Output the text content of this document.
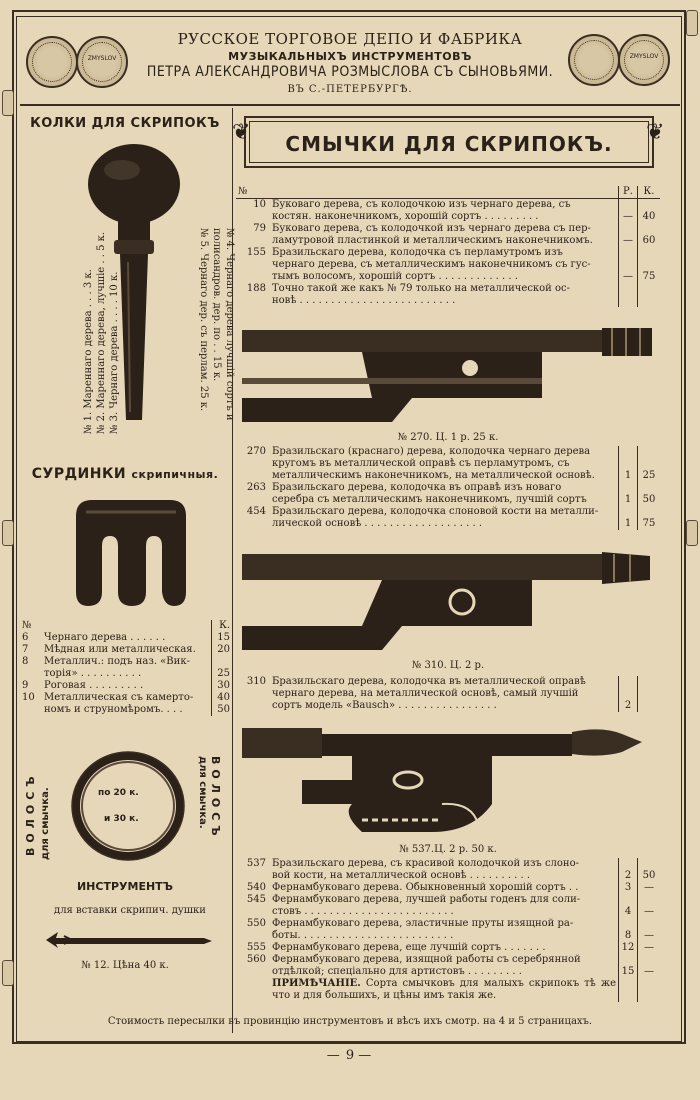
ZMYSLOV	ZMYSLOV
РУССКОЕ ТОРГОВОЕ ДЕПО И ФАБРИКА
МУЗЫКАЛЬНЫХЪ ИНСТРУМЕНТОВЪ
ПЕТРА АЛЕКСАНДРОВИЧА РОЗМЫСЛОВА СЪ СЫНОВЬЯМИ.
ВЪ С.-ПЕТЕРБУРГѢ.
КОЛКИ ДЛЯ СКРИПОКЪ
№ 1. Мареннаго дерева . . . 3 к. № 2. Мареннаго дерева, лучшіе . . 5 к. № 3. Чернаго дерева . . . . 10 к.	№ 4. Чернаго дерева лучшій сортъ и
полисандров. дер. по . . 15 к.
№ 5. Чернаго дер. съ перлам. 25 к.
СУРДИНКИ скрипичныя.
№		К.
6	Чернаго дерева . . . . . .	15
7	Мѣдная или металлическая.	20
8	Металлич.: подъ наз. «Вик-	
	торія» . . . . . . . . . .	25
9	Роговая . . . . . . . . .	30
10	Металлическая съ камерто-	40
	номъ и струномѣромъ. . . .	50
ВОЛОСЪ для смычка.	ВОЛОСЪ
для смычка.
по 20 к.
и 30 к.
ИНСТРУМЕНТЪ
для вставки скрипич. душки
№ 12. Цѣна 40 к.
СМЫЧКИ ДЛЯ СКРИПОКЪ.
❦	❦
№		Р.	К.
10	Буковаго дерева, съ колодочкою изъ чернаго дерева, съ
костян. наконечникомъ, хорошій сортъ . . . . . . . . .	—	40
79	Буковаго дерева, съ колодочкой изъ чернаго дерева съ пер-
ламутровой пластинкой и металлическимъ наконечникомъ.	—	60
155	Бразильскаго дерева, колодочка съ перламутромъ изъ
чернаго дерева, съ металлическимъ наконечникомъ съ гус-
тымъ волосомъ, хорошій сортъ . . . . . . . . . . . . .	—	75
188	Точно такой же какъ № 79 только на металлической ос-
новѣ . . . . . . . . . . . . . . . . . . . . . . . . .		

№ 270. Ц. 1 р. 25 к.
270	Бразильскаго (краснаго) дерева, колодочка чернаго дерева
кругомъ въ металлической оправѣ съ перламутромъ, съ
металлическимъ наконечникомъ, на металлической основѣ.	1	25
263	Бразильскаго дерева, колодочка въ оправѣ изъ новаго
серебра съ металлическимъ наконечникомъ, лучшій сортъ	1	50
454	Бразильскаго дерева, колодочка слоновой кости на металли-
лической основѣ . . . . . . . . . . . . . . . . . . .	1	75
№ 310. Ц. 2 р.
310	Бразильскаго дерева, колодочка въ металлической оправѣ
чернаго дерева, на металлической основѣ, самый лучшій
сортъ модель «Bausch» . . . . . . . . . . . . . . . .	2	
№ 537.Ц. 2 р. 50 к.
537	Бразильскаго дерева, съ красивой колодочкой изъ слоно-
вой кости, на металлической основѣ . . . . . . . . . .	2	50
540	Фернамбуковаго дерева. Обыкновенный хорошій сортъ . .	3	—
545	Фернамбуковаго дерева, лучшей работы годенъ для соли-
стовъ . . . . . . . . . . . . . . . . . . . . . . . .	4	—
550	Фернамбуковаго дерева, эластичные пруты изящной ра-
боты. . . . . . . . . . . . . . . . . . . . . . . . .	8	—
555	Фернамбуковаго дерева, еще лучшій сортъ . . . . . . .	12	—
560	Фернамбуковаго дерева, изящной работы съ серебрянной
отдѣлкой; спеціально для артистовъ . . . . . . . . .	15	—
	ПРИМѢЧАНІЕ. Сорта смычковъ для малыхъ скрипокъ тѣ же что и для большихъ, и цѣны имъ такія же.		
Стоимость пересылки въ провинцію инструментовъ и вѣсъ ихъ смотр. на 4 и 5 страницахъ.
— 9 —
